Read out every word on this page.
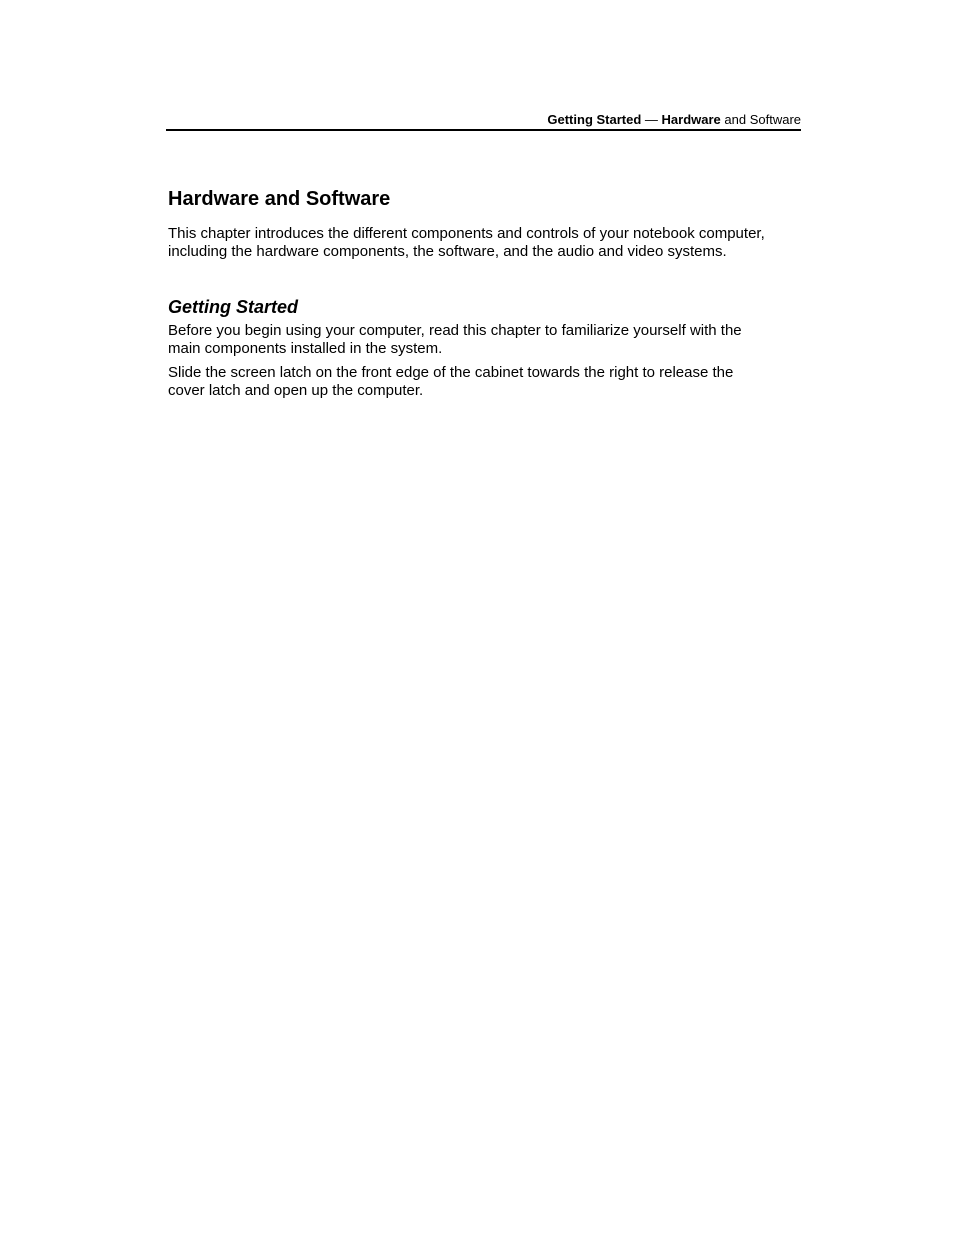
Getting Started — Hardware and Software
Hardware and Software

This chapter introduces the different components and controls of your notebook computer,
including the hardware components, the software, and the audio and video systems.

Getting Started

Before you begin using your computer, read this chapter to familiarize yourself with the
main components installed in the system.

Slide the screen latch on the front edge of the cabinet towards the right to release the
cover latch and open up the computer.
